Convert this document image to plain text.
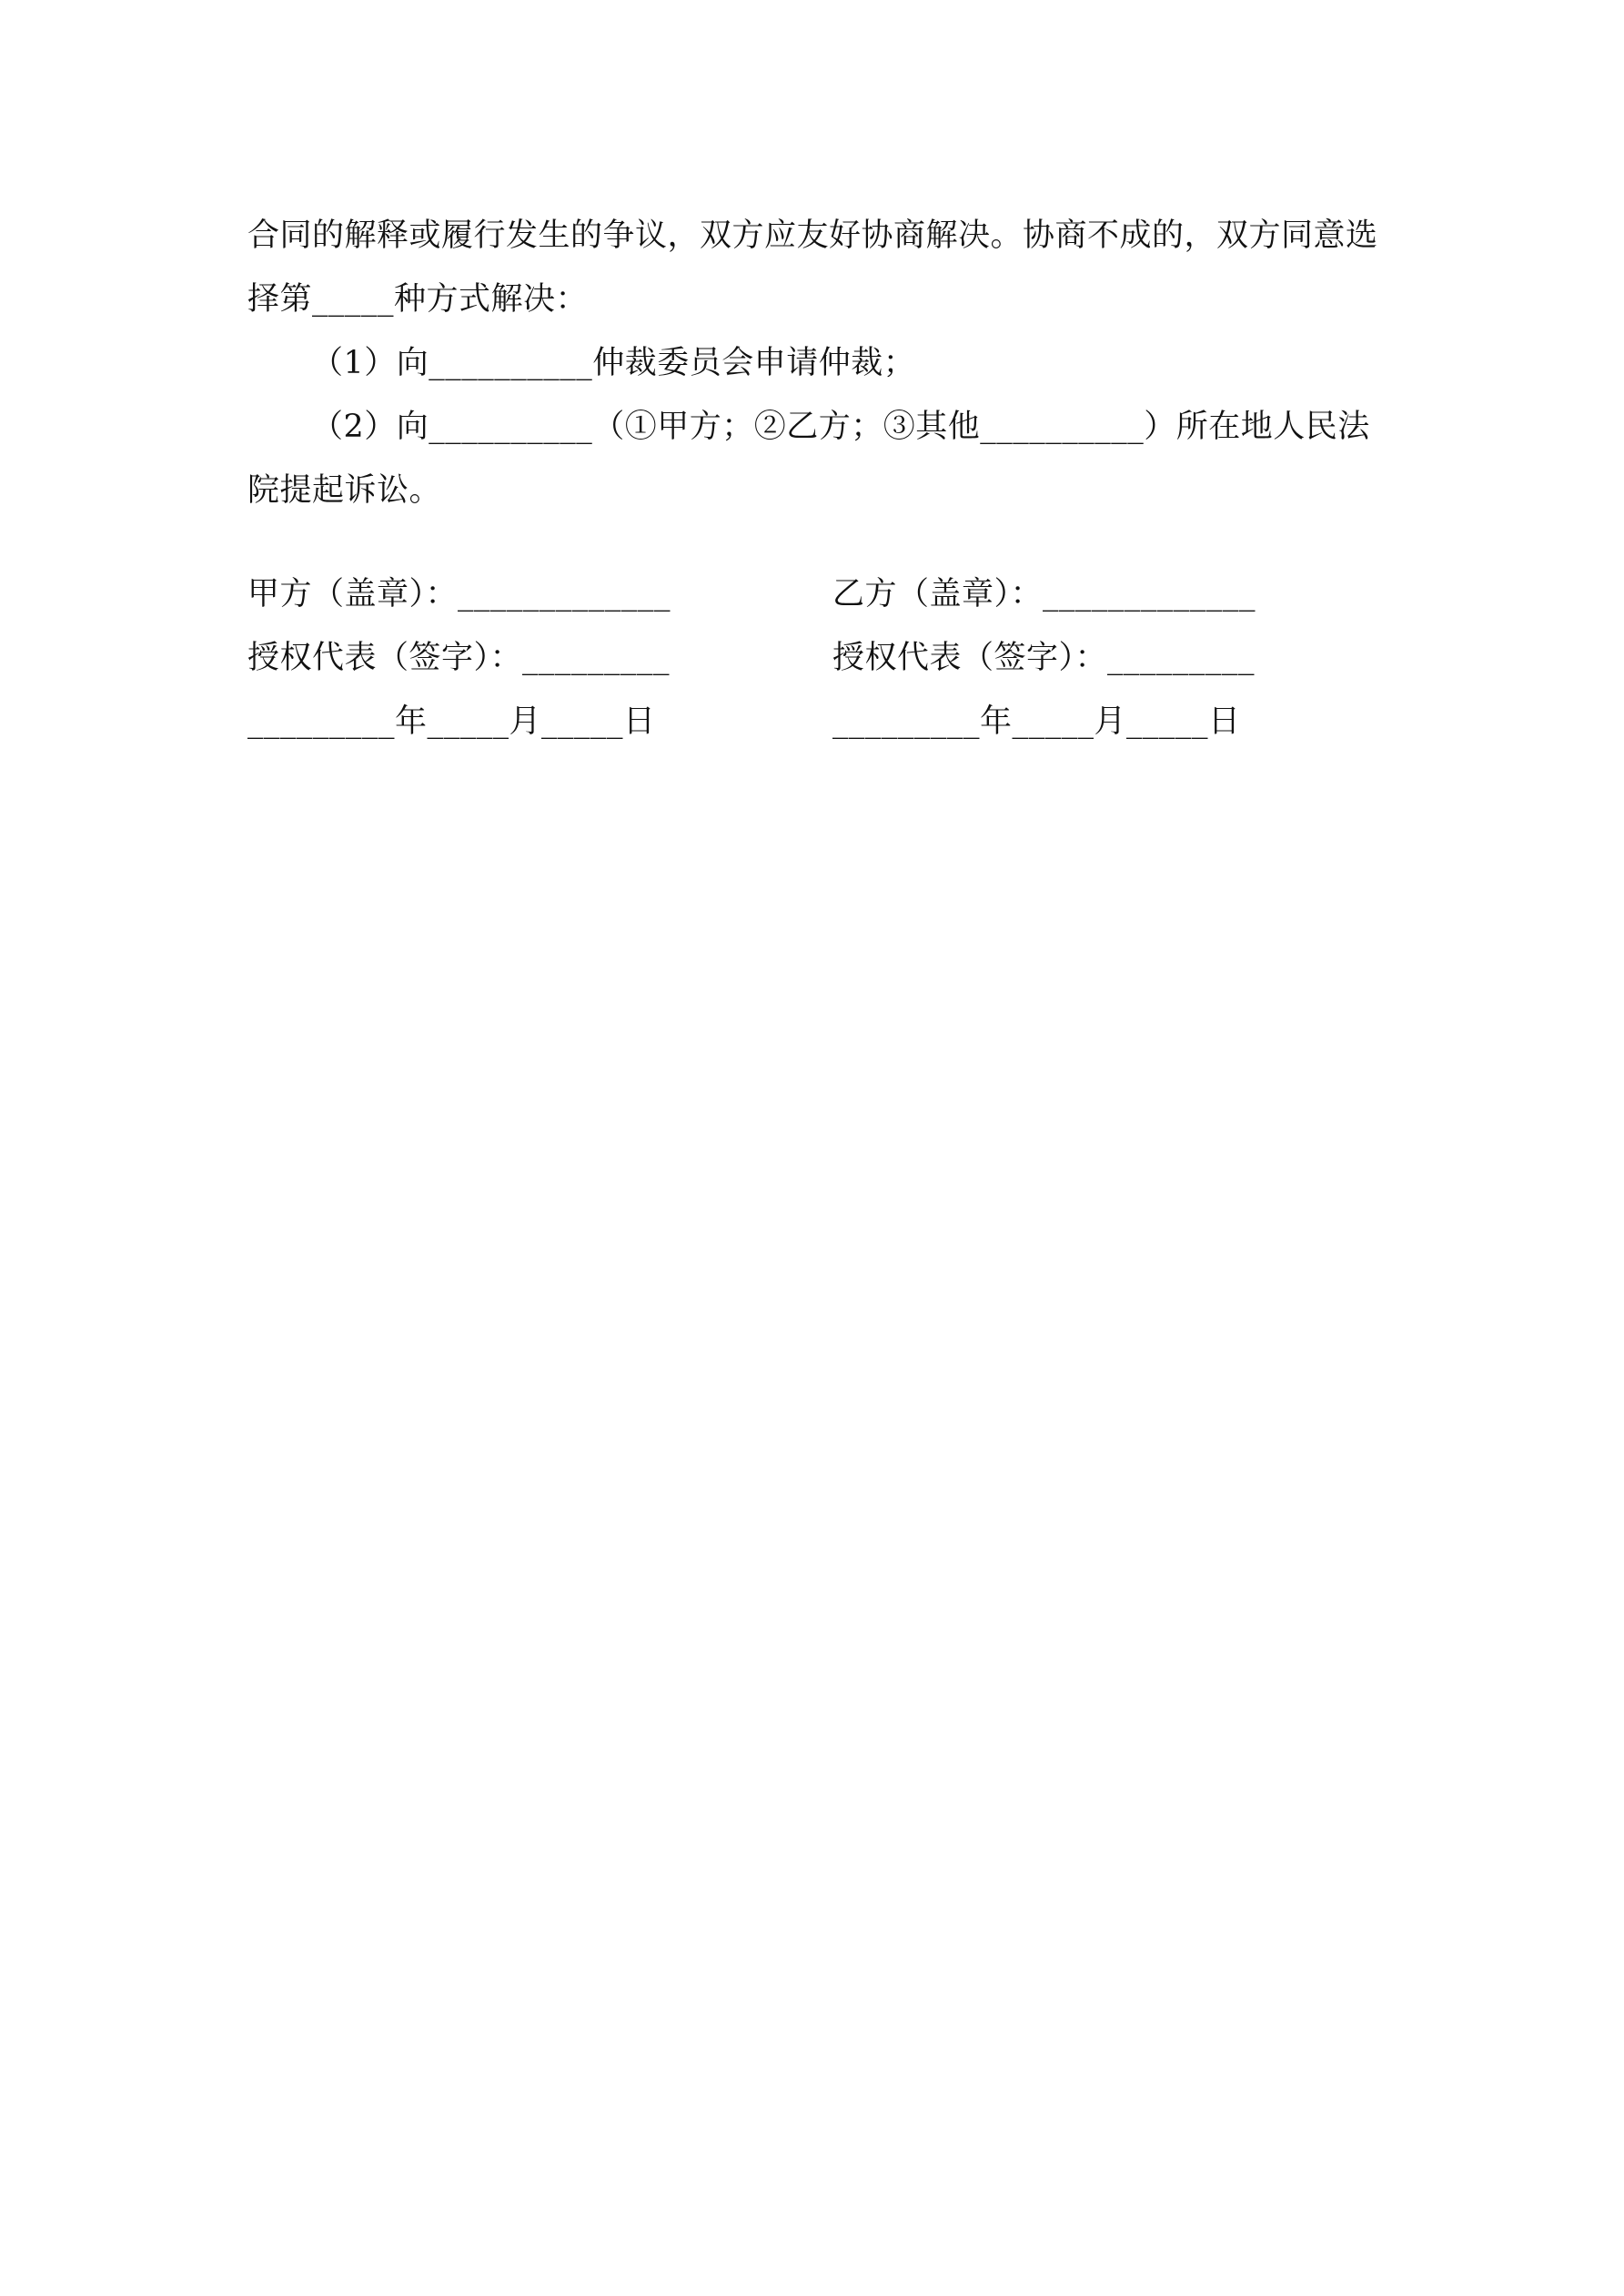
合同的解释或履行发生的争议，双方应友好协商解决。协商不成的，双方同意选

择第_____种方式解决：

（1）向__________仲裁委员会申请仲裁；

（2）向__________（①甲方；②乙方；③其他__________）所在地人民法

院提起诉讼。

甲方（盖章）：_____________

授权代表（签字）：_________

_________年_____月_____日

乙方（盖章）：_____________

授权代表（签字）：_________

_________年_____月_____日
